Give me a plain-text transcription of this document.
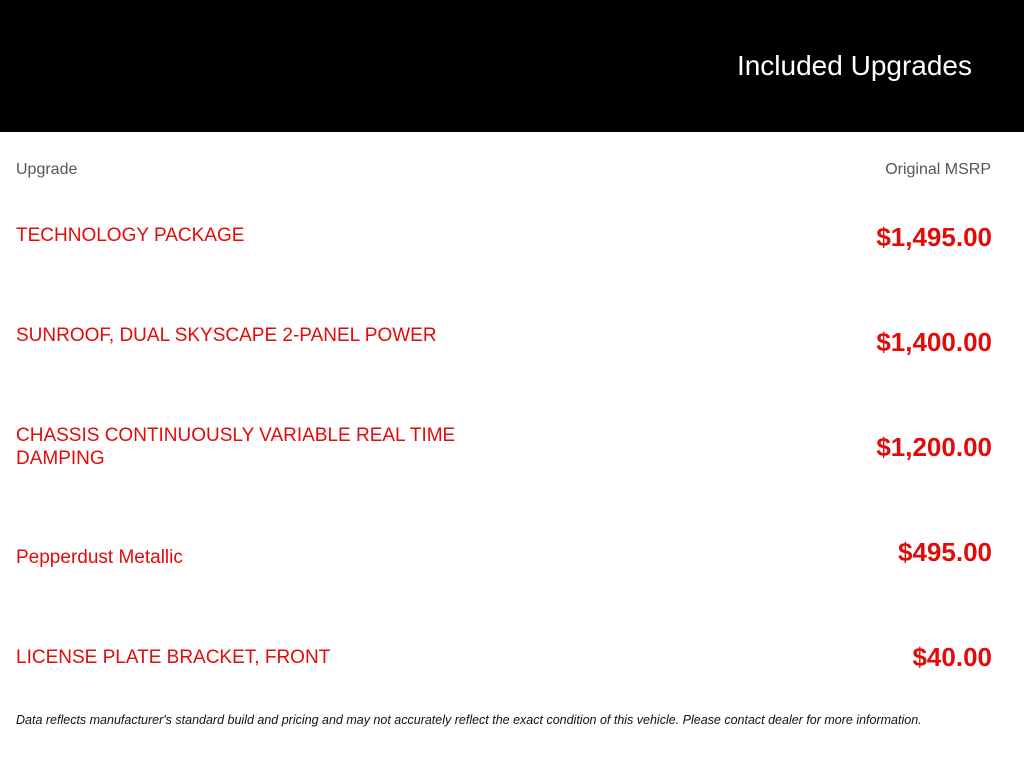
Included Upgrades
Upgrade	Original MSRP
TECHNOLOGY PACKAGE	$1,495.00
SUNROOF, DUAL SKYSCAPE 2-PANEL POWER	$1,400.00
CHASSIS CONTINUOUSLY VARIABLE REAL TIME DAMPING	$1,200.00
Pepperdust Metallic	$495.00
LICENSE PLATE BRACKET, FRONT	$40.00
Data reflects manufacturer's standard build and pricing and may not accurately reflect the exact condition of this vehicle. Please contact dealer for more information.
